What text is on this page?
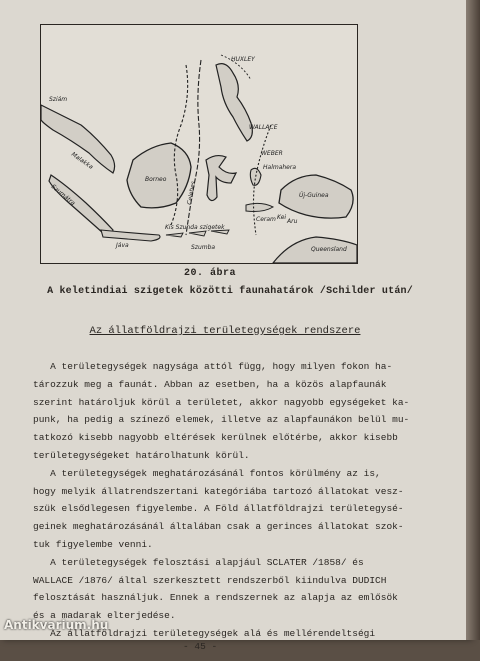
HUXLEY
WALLACE
WEBER
Sziám
Malakka
Szumátra
Borneo
Celebes
Halmahera
Új-Guinea
Ceram Kei
Aru
Jáva
Kis Szunda szigetek
Szumba	Queensland
20. ábra
A keletindiai szigetek közötti faunahatárok /Schilder után/
Az állatföldrajzi területegységek rendszere

A területegységek nagysága attól függ, hogy milyen fokon ha-

tározzuk meg a faunát. Abban az esetben, ha a közös alapfaunák

szerint határoljuk körül a területet, akkor nagyobb egységeket ka-

punk, ha pedig a színező elemek, illetve az alapfaunákon belül mu-

tatkozó kisebb nagyobb eltérések kerülnek előtérbe, akkor kisebb

területegységeket határolhatunk körül.

A területegységek meghatározásánál fontos körülmény az is,

hogy melyik állatrendszertani kategóriába tartozó állatokat vesz-

szük elsődlegesen figyelembe. A Föld állatföldrajzi területegysé-

geinek meghatározásánál általában csak a gerinces állatokat szok-

tuk figyelembe venni.

A területegységek felosztási alapjául SCLATER /1858/ és

WALLACE /1876/ által szerkesztett rendszerből kiindulva DUDICH

felosztását használjuk. Ennek a rendszernek az alapja az emlősök

és a madarak elterjedése.

Az állatföldrajzi területegységek alá és mellérendeltségi

- 45 -

Antikvarium.hu
